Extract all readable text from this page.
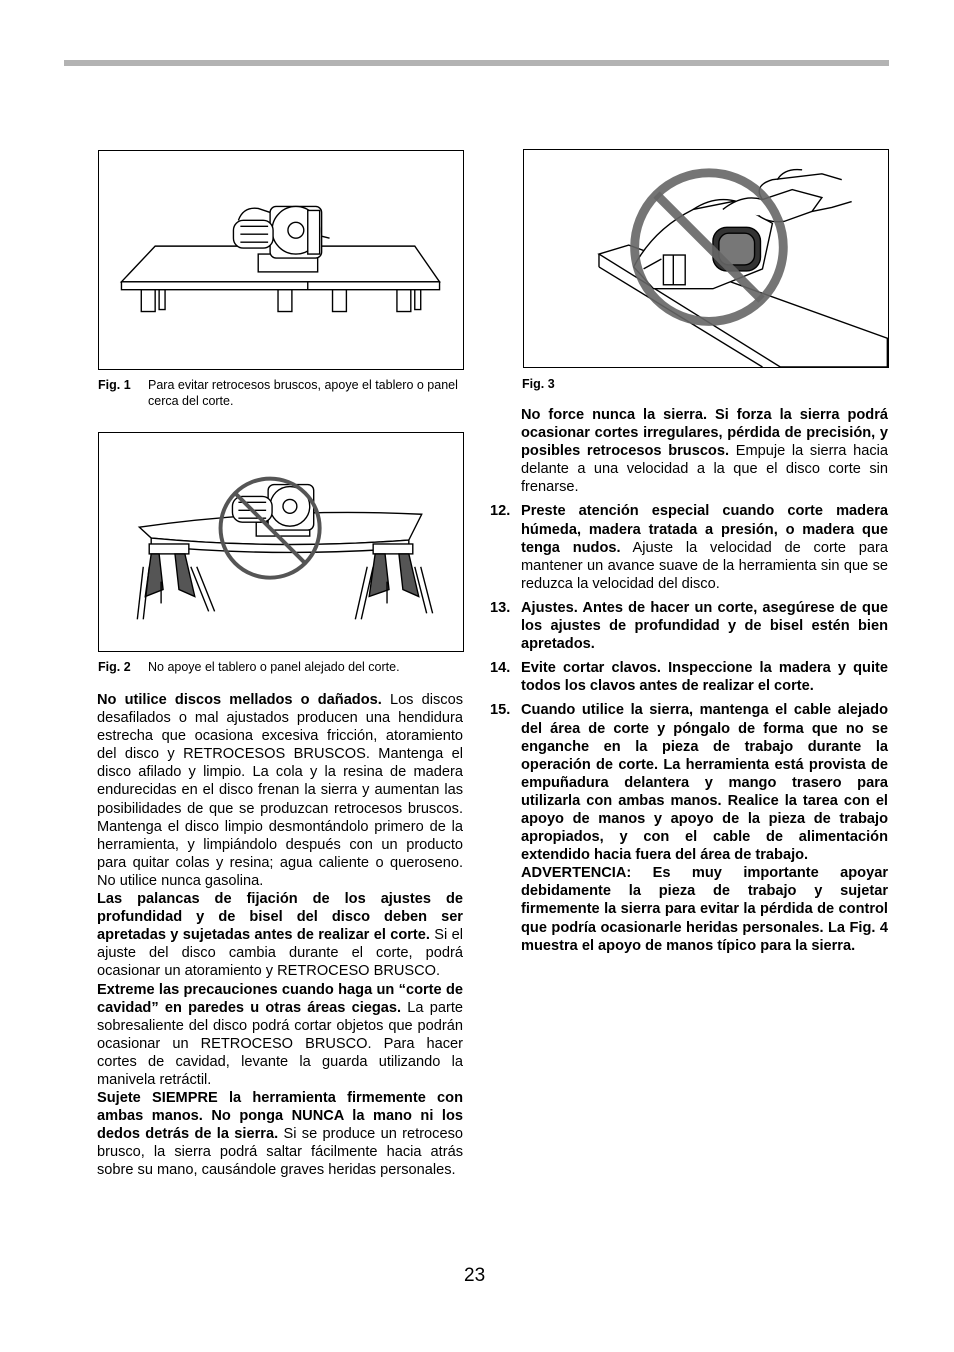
Fig. 1 Para evitar retrocesos bruscos, apoye el tablero o panel cerca del corte.
Fig. 2 No apoye el tablero o panel alejado del corte.
Fig. 3

No utilice discos mellados o dañados. Los discos desafilados o mal ajustados producen una hendidura estrecha que ocasiona excesiva fricción, atoramiento del disco y RETROCESOS BRUSCOS. Mantenga el disco afilado y limpio. La cola y la resina de madera endurecidas en el disco frenan la sierra y aumentan las posibilidades de que se produzcan retrocesos bruscos. Mantenga el disco limpio desmontándolo primero de la herramienta, y limpiándolo después con un producto para quitar colas y resina; agua caliente o queroseno. No utilice nunca gasolina.

Las palancas de fijación de los ajustes de profundidad y de bisel del disco deben ser apretadas y sujetadas antes de realizar el corte. Si el ajuste del disco cambia durante el corte, podrá ocasionar un atoramiento y RETROCESO BRUSCO.

Extreme las precauciones cuando haga un “corte de cavidad” en paredes u otras áreas ciegas. La parte sobresaliente del disco podrá cortar objetos que podrán ocasionar un RETROCESO BRUSCO. Para hacer cortes de cavidad, levante la guarda utilizando la manivela retráctil.

Sujete SIEMPRE la herramienta firmemente con ambas manos. No ponga NUNCA la mano ni los dedos detrás de la sierra. Si se produce un retroceso brusco, la sierra podrá saltar fácilmente hacia atrás sobre su mano, causándole graves heridas personales.

No force nunca la sierra. Si forza la sierra podrá ocasionar cortes irregulares, pérdida de precisión, y posibles retrocesos bruscos. Empuje la sierra hacia delante a una velocidad a la que el disco corte sin frenarse.

12. Preste atención especial cuando corte madera húmeda, madera tratada a presión, o madera que tenga nudos. Ajuste la velocidad de corte para mantener un avance suave de la herramienta sin que se reduzca la velocidad del disco.
13. Ajustes. Antes de hacer un corte, asegúrese de que los ajustes de profundidad y de bisel estén bien apretados.
14. Evite cortar clavos. Inspeccione la madera y quite todos los clavos antes de realizar el corte.
15. Cuando utilice la sierra, mantenga el cable alejado del área de corte y póngalo de forma que no se enganche en la pieza de trabajo durante la operación de corte. La herramienta está provista de empuñadura delantera y mango trasero para utilizarla con ambas manos. Realice la tarea con el apoyo de manos y apoyo de la pieza de trabajo apropiados, y con el cable de alimentación extendido hacia fuera del área de trabajo.

ADVERTENCIA: Es muy importante apoyar debidamente la pieza de trabajo y sujetar firmemente la sierra para evitar la pérdida de control que podría ocasionarle heridas personales. La Fig. 4 muestra el apoyo de manos típico para la sierra.

23
